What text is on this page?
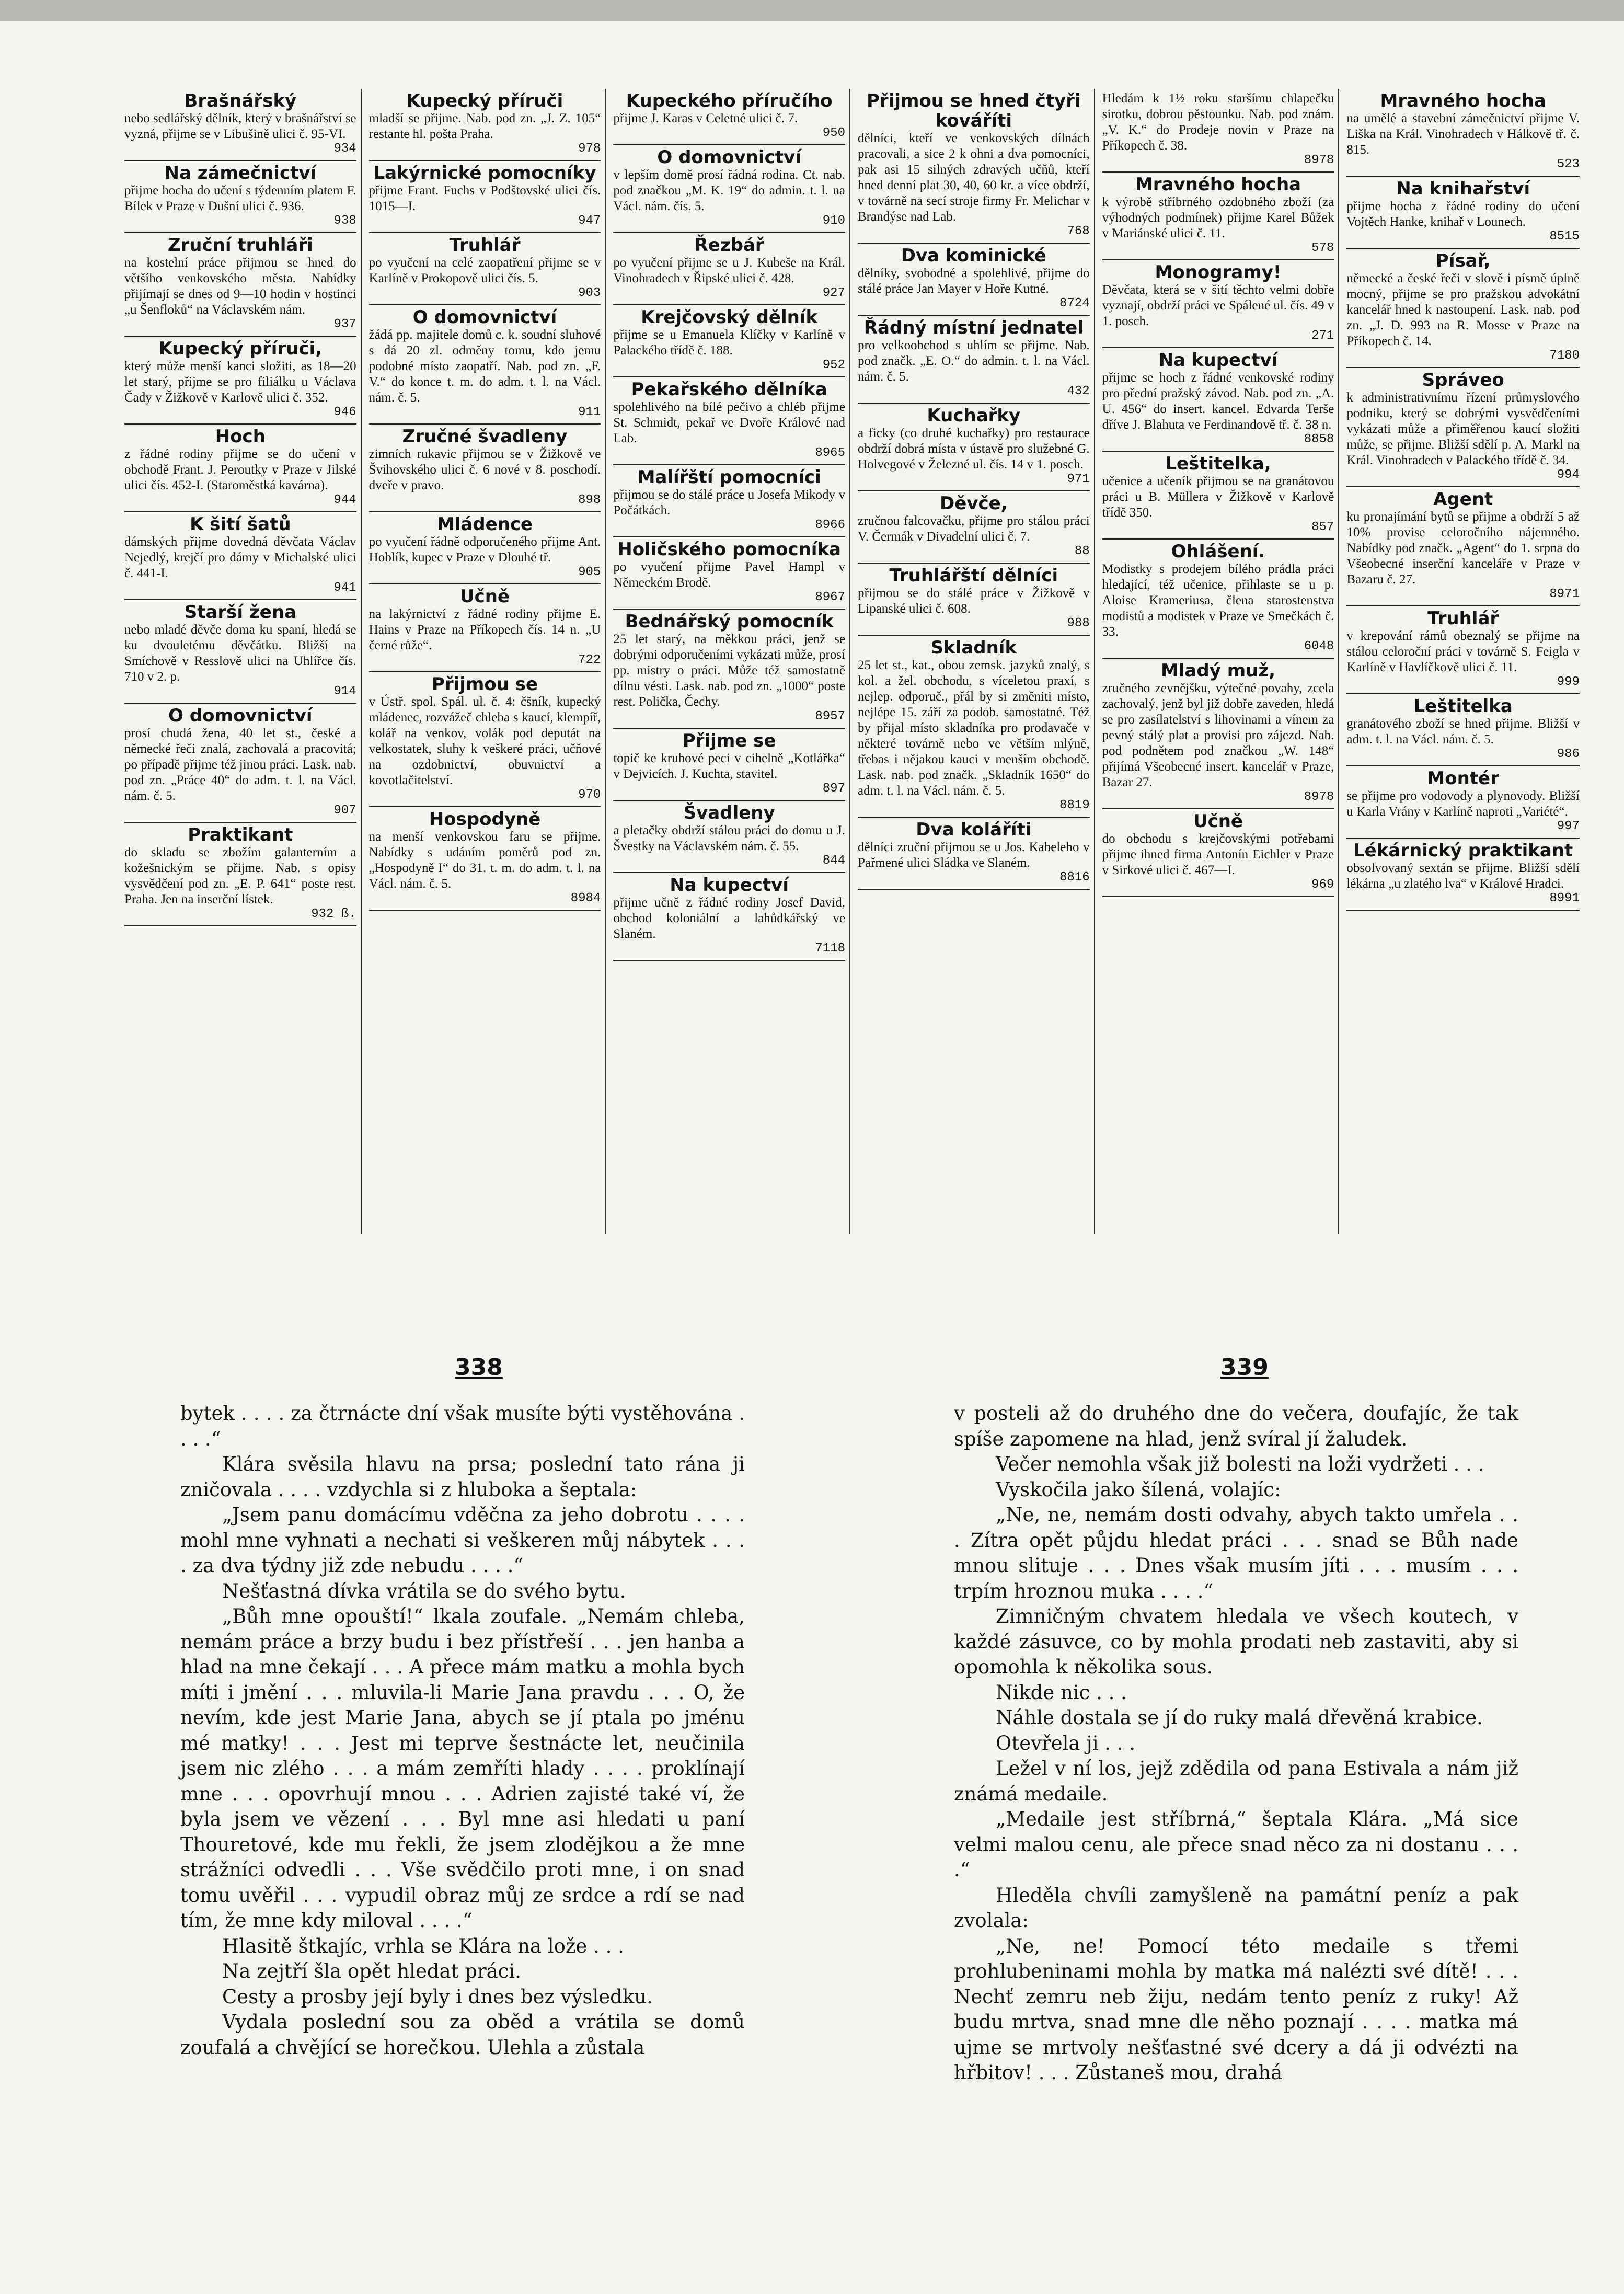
Brašnářský

nebo sedlářský dělník, který v brašnářství se vyzná, přijme se v Libušině ulici č. 95-VI.

934
Na zámečnictví

přijme hocha do učení s týdenním platem F. Bílek v Praze v Dušní ulici č. 936.

938
Zruční truhláři

na kostelní práce přijmou se hned do většího venkovského města. Nabídky přijímají se dnes od 9—10 hodin v hostinci „u Šenfloků“ na Václavském nám.

937
Kupecký příruči,

který může menší kanci složiti, as 18—20 let starý, přijme se pro filiálku u Václava Čady v Žižkově v Karlově ulici č. 352.

946
Hoch

z řádné rodiny přijme se do učení v obchodě Frant. J. Peroutky v Praze v Jilské ulici čís. 452-I. (Staroměstká kavárna).

944
K šití šatů

dámských přijme dovedná děvčata Václav Nejedlý, krejčí pro dámy v Michalské ulici č. 441-I.

941
Starší žena

nebo mladé děvče doma ku spaní, hledá se ku dvouletému děvčátku. Bližší na Smíchově v Resslově ulici na Uhlířce čís. 710 v 2. p.

914
O domovnictví

prosí chudá žena, 40 let st., české a německé řeči znalá, zachovalá a pracovitá; po případě přijme též jinou práci. Lask. nab. pod zn. „Práce 40“ do adm. t. l. na Václ. nám. č. 5.

907
Praktikant

do skladu se zbožím galanterním a kožešnickým se přijme. Nab. s opisy vysvědčení pod zn. „E. P. 641“ poste rest. Praha. Jen na inserční lístek.

932 ß.
Kupecký příruči

mladší se přijme. Nab. pod zn. „J. Z. 105“ restante hl. pošta Praha.

978
Lakýrnické pomocníky

přijme Frant. Fuchs v Podštovské ulici čís. 1015—I.

947
Truhlář

po vyučení na celé zaopatření přijme se v Karlíně v Prokopově ulici čís. 5.

903
O domovnictví

žádá pp. majitele domů c. k. soudní sluhové s dá 20 zl. odměny tomu, kdo jemu podobné místo zaopatří. Nab. pod zn. „F. V.“ do konce t. m. do adm. t. l. na Václ. nám. č. 5.

911
Zručné švadleny

zimních rukavic přijmou se v Žižkově ve Švihovského ulici č. 6 nové v 8. poschodí. dveře v pravo.

898
Mládence

po vyučení řádně odporučeného přijme Ant. Hoblík, kupec v Praze v Dlouhé tř.

905
Učně

na lakýrnictví z řádné rodiny přijme E. Hains v Praze na Příkopech čís. 14 n. „U černé růže“.

722
Přijmou se

v Ústř. spol. Spál. ul. č. 4: čšník, kupecký mládenec, rozvážeč chleba s kaucí, klempíř, kolář na venkov, volák pod deputát na velkostatek, sluhy k veškeré práci, učňové na ozdobnictví, obuvnictví a kovotlačitelství.

970
Hospodyně

na menší venkovskou faru se přijme. Nabídky s udáním poměrů pod zn. „Hospodyně I“ do 31. t. m. do adm. t. l. na Václ. nám. č. 5.

8984
Kupeckého příručího

přijme J. Karas v Celetné ulici č. 7.

950
O domovnictví

v lepším domě prosí řádná rodina. Ct. nab. pod značkou „M. K. 19“ do admin. t. l. na Václ. nám. čís. 5.

910
Řezbář

po vyučení přijme se u J. Kubeše na Král. Vinohradech v Řipské ulici č. 428.

927
Krejčovský dělník

přijme se u Emanuela Klíčky v Karlíně v Palackého třídě č. 188.

952
Pekařského dělníka

spolehlivého na bílé pečivo a chléb přijme St. Schmidt, pekař ve Dvoře Králové nad Lab.

8965
Malířští pomocníci

přijmou se do stálé práce u Josefa Mikody v Počátkách.

8966
Holičského pomocníka

po vyučení přijme Pavel Hampl v Německém Brodě.

8967
Bednářský pomocník

25 let starý, na měkkou práci, jenž se dobrými odporučeními vykázati může, prosí pp. mistry o práci. Může též samostatně dílnu vésti. Lask. nab. pod zn. „1000“ poste rest. Polička, Čechy.

8957
Přijme se

topič ke kruhové peci v cihelně „Kotlářka“ v Dejvicích. J. Kuchta, stavitel.

897
Švadleny

a pletačky obdrží stálou práci do domu u J. Švestky na Václavském nám. č. 55.

844
Na kupectví

přijme učně z řádné rodiny Josef David, obchod koloniální a lahůdkářský ve Slaném.

7118
Přijmou se hned čtyři kováříti

dělníci, kteří ve venkovských dílnách pracovali, a sice 2 k ohni a dva pomocníci, pak asi 15 silných zdravých učňů, kteří hned denní plat 30, 40, 60 kr. a více obdrží, v továrně na secí stroje firmy Fr. Melichar v Brandýse nad Lab.

768
Dva kominické

dělníky, svobodné a spolehlivé, přijme do stálé práce Jan Mayer v Hoře Kutné.

8724
Řádný místní jednatel

pro velkoobchod s uhlím se přijme. Nab. pod značk. „E. O.“ do admin. t. l. na Václ. nám. č. 5.

432
Kuchařky

a ficky (co druhé kuchařky) pro restaurace obdrží dobrá místa v ústavě pro služebné G. Holvegové v Železné ul. čís. 14 v 1. posch.

971
Děvče,

zručnou falcovačku, přijme pro stálou práci V. Čermák v Divadelní ulici č. 7.

88
Truhlářští dělníci

přijmou se do stálé práce v Žižkově v Lipanské ulici č. 608.

988
Skladník

25 let st., kat., obou zemsk. jazyků znalý, s kol. a žel. obchodu, s víceletou praxí, s nejlep. odporuč., přál by si změniti místo, nejlépe 15. září za podob. samostatné. Též by přijal místo skladníka pro prodavače v některé továrně nebo ve větším mlýně, třebas i nějakou kauci v menším obchodě. Lask. nab. pod značk. „Skladník 1650“ do adm. t. l. na Václ. nám. č. 5.

8819
Dva koláříti

dělníci zruční přijmou se u Jos. Kabeleho v Pařmené ulici Sládka ve Slaném.

8816

Hledám k 1½ roku staršímu chlapečku sirotku, dobrou pěstounku. Nab. pod znám. „V. K.“ do Prodeje novin v Praze na Příkopech č. 38.

8978
Mravného hocha

k výrobě stříbrného ozdobného zboží (za výhodných podmínek) přijme Karel Bůžek v Mariánské ulici č. 11.

578
Monogramy!

Děvčata, která se v šití těchto velmi dobře vyznají, obdrží práci ve Spálené ul. čís. 49 v 1. posch.

271
Na kupectví

přijme se hoch z řádné venkovské rodiny pro přední pražský závod. Nab. pod zn. „A. U. 456“ do insert. kancel. Edvarda Terše dříve J. Blahuta ve Ferdinandově tř. č. 38 n.

8858
Leštitelka,

učenice a učeník přijmou se na granátovou práci u B. Müllera v Žižkově v Karlově třídě 350.

857
Ohlášení.

Modistky s prodejem bílého prádla práci hledající, též učenice, přihlaste se u p. Aloise Krameriusa, člena starostenstva modistů a modistek v Praze ve Smečkách č. 33.

6048
Mladý muž,

zručného zevnějšku, výtečné povahy, zcela zachovalý, jenž byl již dobře zaveden, hledá se pro zasílatelství s lihovinami a vínem za pevný stálý plat a provisi pro zájezd. Nab. pod podnětem pod značkou „W. 148“ přijímá Všeobecné insert. kancelář v Praze, Bazar 27.

8978
Učně

do obchodu s krejčovskými potřebami přijme ihned firma Antonín Eichler v Praze v Sirkové ulici č. 467—I.

969
Mravného hocha

na umělé a stavební zámečnictví přijme V. Liška na Král. Vinohradech v Hálkově tř. č. 815.

523
Na knihařství

přijme hocha z řádné rodiny do učení Vojtěch Hanke, knihař v Lounech.

8515
Písař,

německé a české řeči v slově i písmě úplně mocný, přijme se pro pražskou advokátní kancelář hned k nastoupení. Lask. nab. pod zn. „J. D. 993 na R. Mosse v Praze na Příkopech č. 14.

7180
Správeo

k administrativnímu řízení průmyslového podniku, který se dobrými vysvědčeními vykázati může a přiměřenou kaucí složiti může, se přijme. Bližší sdělí p. A. Markl na Král. Vinohradech v Palackého třídě č. 34.

994
Agent

ku pronajímání bytů se přijme a obdrží 5 až 10% provise celoročního nájemného. Nabídky pod značk. „Agent“ do 1. srpna do Všeobecné inserční kanceláře v Praze v Bazaru č. 27.

8971
Truhlář

v krepování rámů obeznalý se přijme na stálou celoroční práci v továrně S. Feigla v Karlíně v Havlíčkově ulici č. 11.

999
Leštitelka

granátového zboží se hned přijme. Bližší v adm. t. l. na Václ. nám. č. 5.

986
Montér

se přijme pro vodovody a plynovody. Bližší u Karla Vrány v Karlíně naproti „Variété“.

997
Lékárnický praktikant

obsolvovaný sextán se přijme. Bližší sdělí lékárna „u zlatého lva“ v Králové Hradci.

8991
338	339

bytek . . . . za čtrnácte dní však musíte býti vystěhována . . . .“

Klára svěsila hlavu na prsa; poslední tato rána ji zničovala . . . . vzdychla si z hluboka a šeptala:

„Jsem panu domácímu vděčna za jeho dobrotu . . . . mohl mne vyhnati a nechati si veškeren můj nábytek . . . . za dva týdny již zde nebudu . . . .“

Nešťastná dívka vrátila se do svého bytu.

„Bůh mne opouští!“ lkala zoufale. „Nemám chleba, nemám práce a brzy budu i bez přístřeší . . . jen hanba a hlad na mne čekají . . . A přece mám matku a mohla bych míti i jmění . . . mluvila-li Marie Jana pravdu . . . O, že nevím, kde jest Marie Jana, abych se jí ptala po jménu mé matky! . . . Jest mi teprve šestnácte let, neučinila jsem nic zlého . . . a mám zemříti hlady . . . . proklínají mne . . . opovrhují mnou . . . Adrien zajisté také ví, že byla jsem ve vězení . . . Byl mne asi hledati u paní Thouretové, kde mu řekli, že jsem zlodějkou a že mne strážníci odvedli . . . Vše svědčilo proti mne, i on snad tomu uvěřil . . . vypudil obraz můj ze srdce a rdí se nad tím, že mne kdy miloval . . . .“

Hlasitě štkajíc, vrhla se Klára na lože . . .

Na zejtří šla opět hledat práci.

Cesty a prosby její byly i dnes bez výsledku.

Vydala poslední sou za oběd a vrátila se domů zoufalá a chvějící se horečkou. Ulehla a zůstala

v posteli až do druhého dne do večera, doufajíc, že tak spíše zapomene na hlad, jenž svíral jí žaludek.

Večer nemohla však již bolesti na loži vydržeti . . .

Vyskočila jako šílená, volajíc:

„Ne, ne, nemám dosti odvahy, abych takto umřela . . . Zítra opět půjdu hledat práci . . . snad se Bůh nade mnou slituje . . . Dnes však musím jíti . . . musím . . . trpím hroznou muka . . . .“

Zimničným chvatem hledala ve všech koutech, v každé zásuvce, co by mohla prodati neb zastaviti, aby si opomohla k několika sous.

Nikde nic . . .

Náhle dostala se jí do ruky malá dřevěná krabice.

Otevřela ji . . .

Ležel v ní los, jejž zdědila od pana Estivala a nám již známá medaile.

„Medaile jest stříbrná,“ šeptala Klára. „Má sice velmi malou cenu, ale přece snad něco za ni dostanu . . . .“

Hleděla chvíli zamyšleně na památní peníz a pak zvolala:

„Ne, ne! Pomocí této medaile s třemi prohlubeninami mohla by matka má nalézti své dítě! . . . Nechť zemru neb žiju, nedám tento peníz z ruky! Až budu mrtva, snad mne dle něho poznají . . . . matka má ujme se mrtvoly nešťastné své dcery a dá ji odvézti na hřbitov! . . . Zůstaneš mou, drahá
